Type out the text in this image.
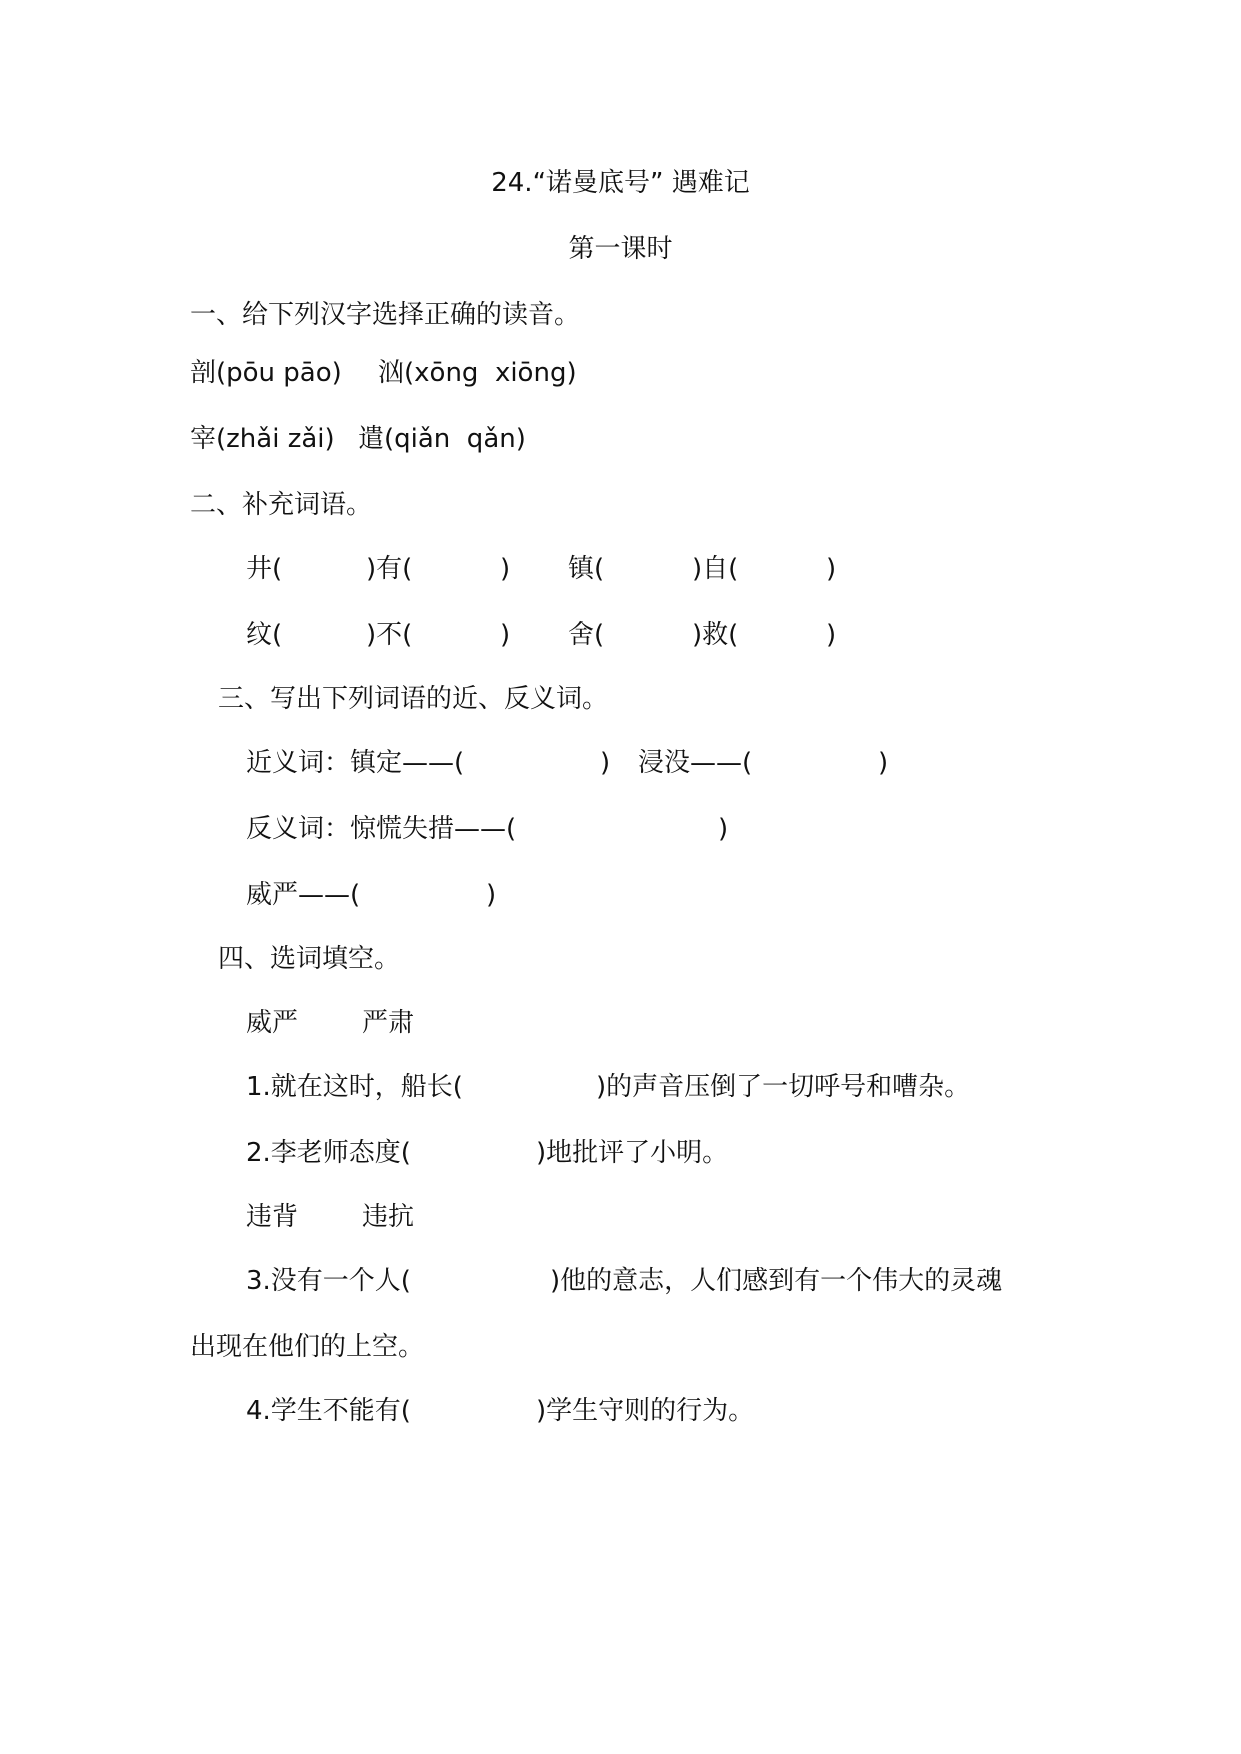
24.“诺曼底号” 遇难记
第一课时
一、给下列汉字选择正确的读音。
剖(pōu pāo) 汹(xōng  xiōng)
宰(zhǎi zǎi) 遣(qiǎn  qǎn)
二、补充词语。
井(	)有(	) 镇(	)自(	)
纹(	)不(	) 舍(	)救(	)
三、写出下列词语的近、反义词。
近义词：镇定——(	) 浸没——(	)
反义词：惊慌失措——(	)
威严——(	)
四、选词填空。
威严 严肃
1.就在这时，船长(	)的声音压倒了一切呼号和嘈杂。
2.李老师态度(	)地批评了小明。
违背 违抗
3.没有一个人(	)他的意志，人们感到有一个伟大的灵魂
出现在他们的上空。
4.学生不能有(	)学生守则的行为。
